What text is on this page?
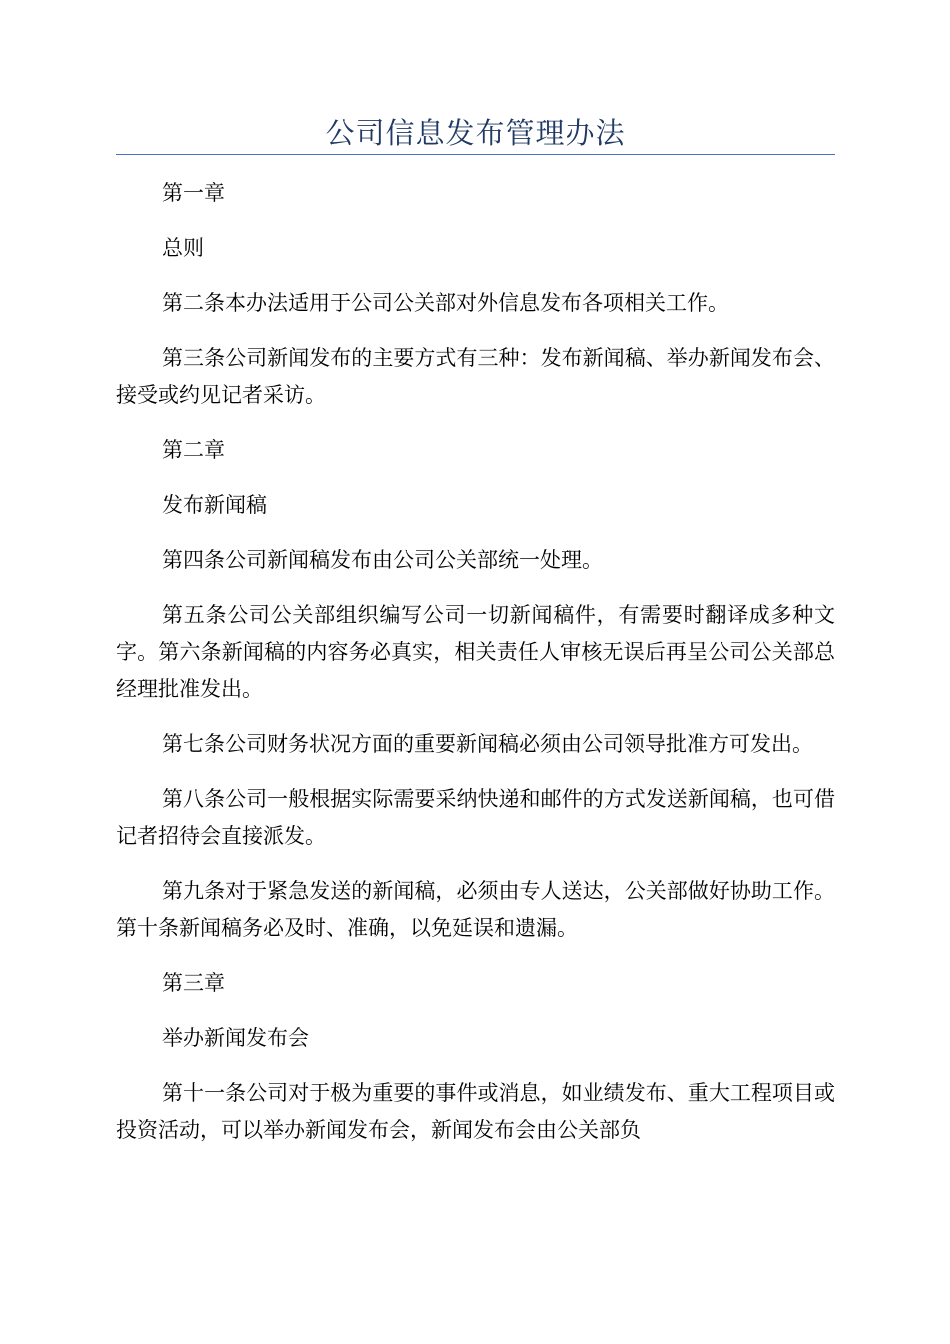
公司信息发布管理办法

第一章

总则

第二条本办法适用于公司公关部对外信息发布各项相关工作。

第三条公司新闻发布的主要方式有三种：发布新闻稿、举办新闻发布会、接受或约见记者采访。

第二章

发布新闻稿

第四条公司新闻稿发布由公司公关部统一处理。

第五条公司公关部组织编写公司一切新闻稿件，有需要时翻译成多种文字。第六条新闻稿的内容务必真实，相关责任人审核无误后再呈公司公关部总经理批准发出。

第七条公司财务状况方面的重要新闻稿必须由公司领导批准方可发出。

第八条公司一般根据实际需要采纳快递和邮件的方式发送新闻稿，也可借记者招待会直接派发。

第九条对于紧急发送的新闻稿，必须由专人送达，公关部做好协助工作。第十条新闻稿务必及时、准确，以免延误和遗漏。

第三章

举办新闻发布会

第十一条公司对于极为重要的事件或消息，如业绩发布、重大工程项目或投资活动，可以举办新闻发布会，新闻发布会由公关部负
